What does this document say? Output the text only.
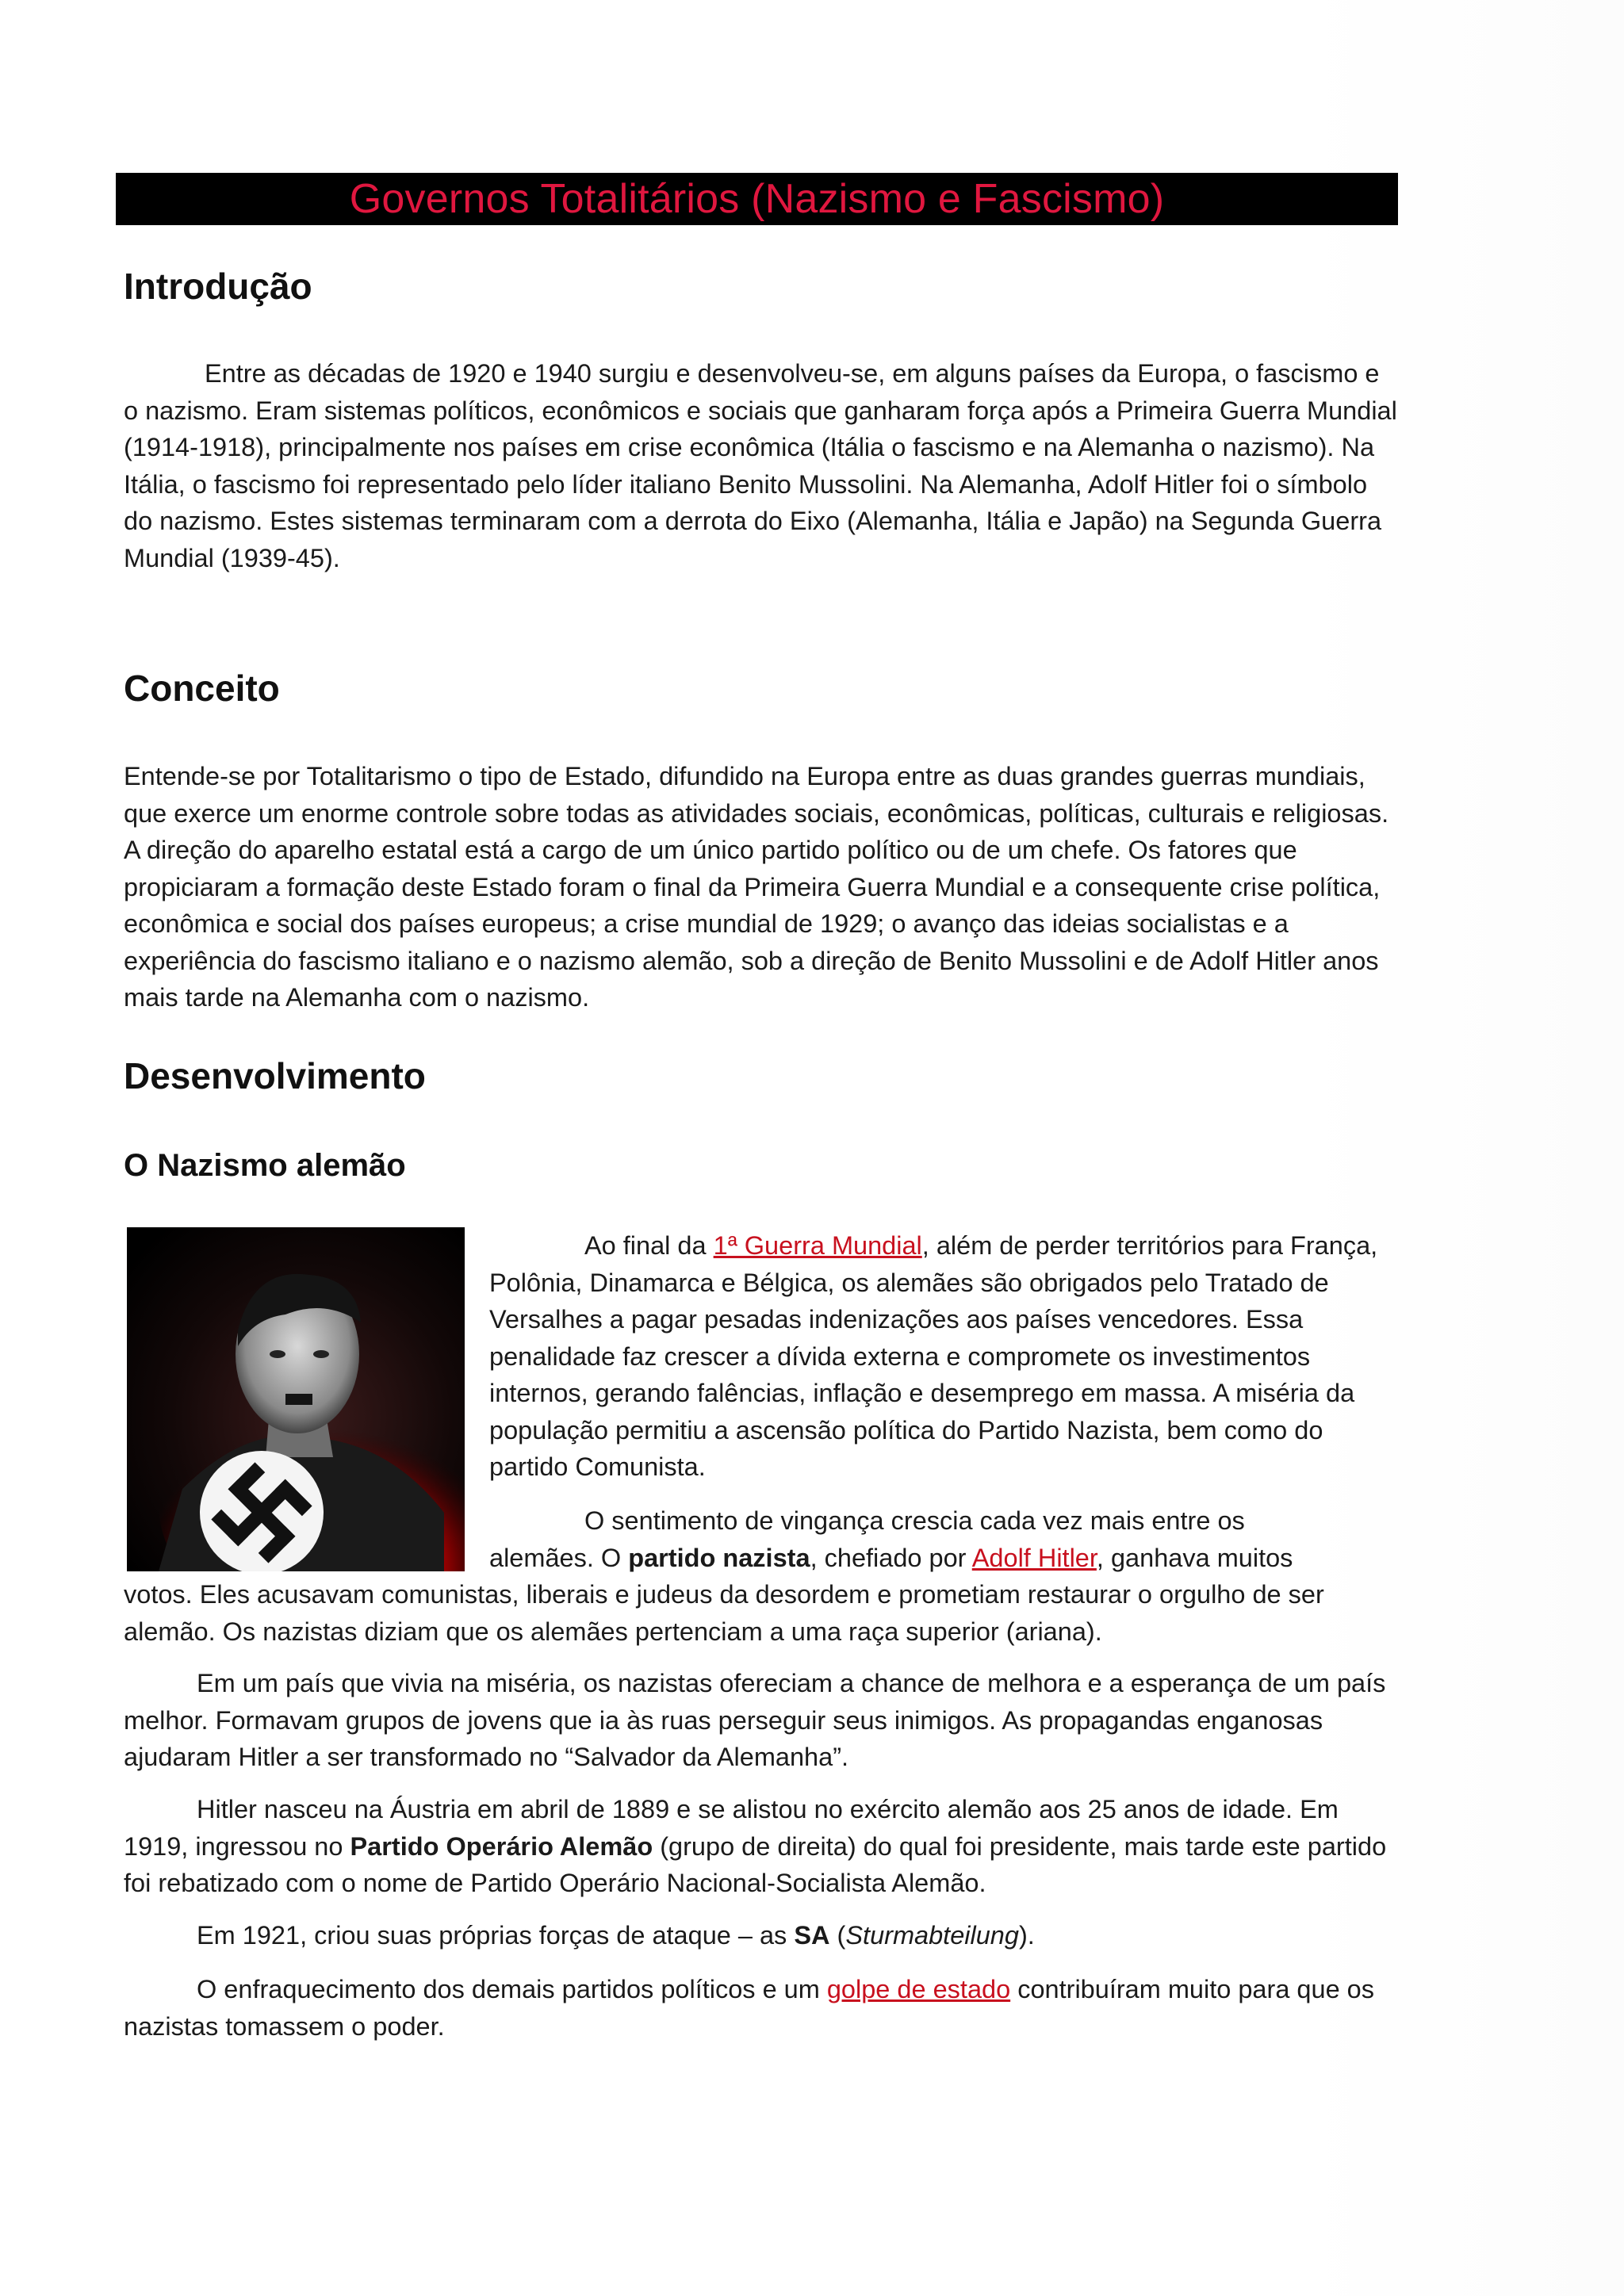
Governos Totalitários (Nazismo e Fascismo)
Introdução

Entre as décadas de 1920 e 1940 surgiu e desenvolveu-se, em alguns países da Europa, o fascismo e o nazismo. Eram sistemas políticos, econômicos e sociais que ganharam força após a Primeira Guerra Mundial (1914-1918), principalmente nos países em crise econômica (Itália o fascismo e na Alemanha o nazismo). Na Itália, o fascismo foi representado pelo líder italiano Benito Mussolini. Na Alemanha, Adolf Hitler foi o símbolo do nazismo. Estes sistemas terminaram com a derrota do Eixo (Alemanha, Itália e Japão) na Segunda Guerra Mundial (1939-45).

Conceito

Entende-se por Totalitarismo o tipo de Estado, difundido na Europa entre as duas grandes guerras mundiais, que exerce um enorme controle sobre todas as atividades sociais, econômicas, políticas, culturais e religiosas. A direção do aparelho estatal está a cargo de um único partido político ou de um chefe. Os fatores que propiciaram a formação deste Estado foram o final da Primeira Guerra Mundial e a consequente crise política, econômica e social dos países europeus; a crise mundial de 1929; o avanço das ideias socialistas e a experiência do fascismo italiano e o nazismo alemão, sob a direção de Benito Mussolini e de Adolf Hitler anos mais tarde na Alemanha com o nazismo.

Desenvolvimento
O Nazismo alemão

Ao final da 1ª Guerra Mundial, além de perder territórios para França, Polônia, Dinamarca e Bélgica, os alemães são obrigados pelo Tratado de Versalhes a pagar pesadas indenizações aos países vencedores. Essa penalidade faz crescer a dívida externa e compromete os investimentos internos, gerando falências, inflação e desemprego em massa. A miséria da população permitiu a ascensão política do Partido Nazista, bem como do partido Comunista.

O sentimento de vingança crescia cada vez mais entre os
alemães. O partido nazista, chefiado por Adolf Hitler, ganhava muitos

votos. Eles acusavam comunistas, liberais e judeus da desordem e prometiam restaurar o orgulho de ser alemão. Os nazistas diziam que os alemães pertenciam a uma raça superior (ariana).

Em um país que vivia na miséria, os nazistas ofereciam a chance de melhora e a esperança de um país melhor. Formavam grupos de jovens que ia às ruas perseguir seus inimigos. As propagandas enganosas ajudaram Hitler a ser transformado no “Salvador da Alemanha”.

Hitler nasceu na Áustria em abril de 1889 e se alistou no exército alemão aos 25 anos de idade. Em 1919, ingressou no Partido Operário Alemão (grupo de direita) do qual foi presidente, mais tarde este partido foi rebatizado com o nome de Partido Operário Nacional-Socialista Alemão.

Em 1921, criou suas próprias forças de ataque – as SA (Sturmabteilung).

O enfraquecimento dos demais partidos políticos e um golpe de estado contribuíram muito para que os nazistas tomassem o poder.
